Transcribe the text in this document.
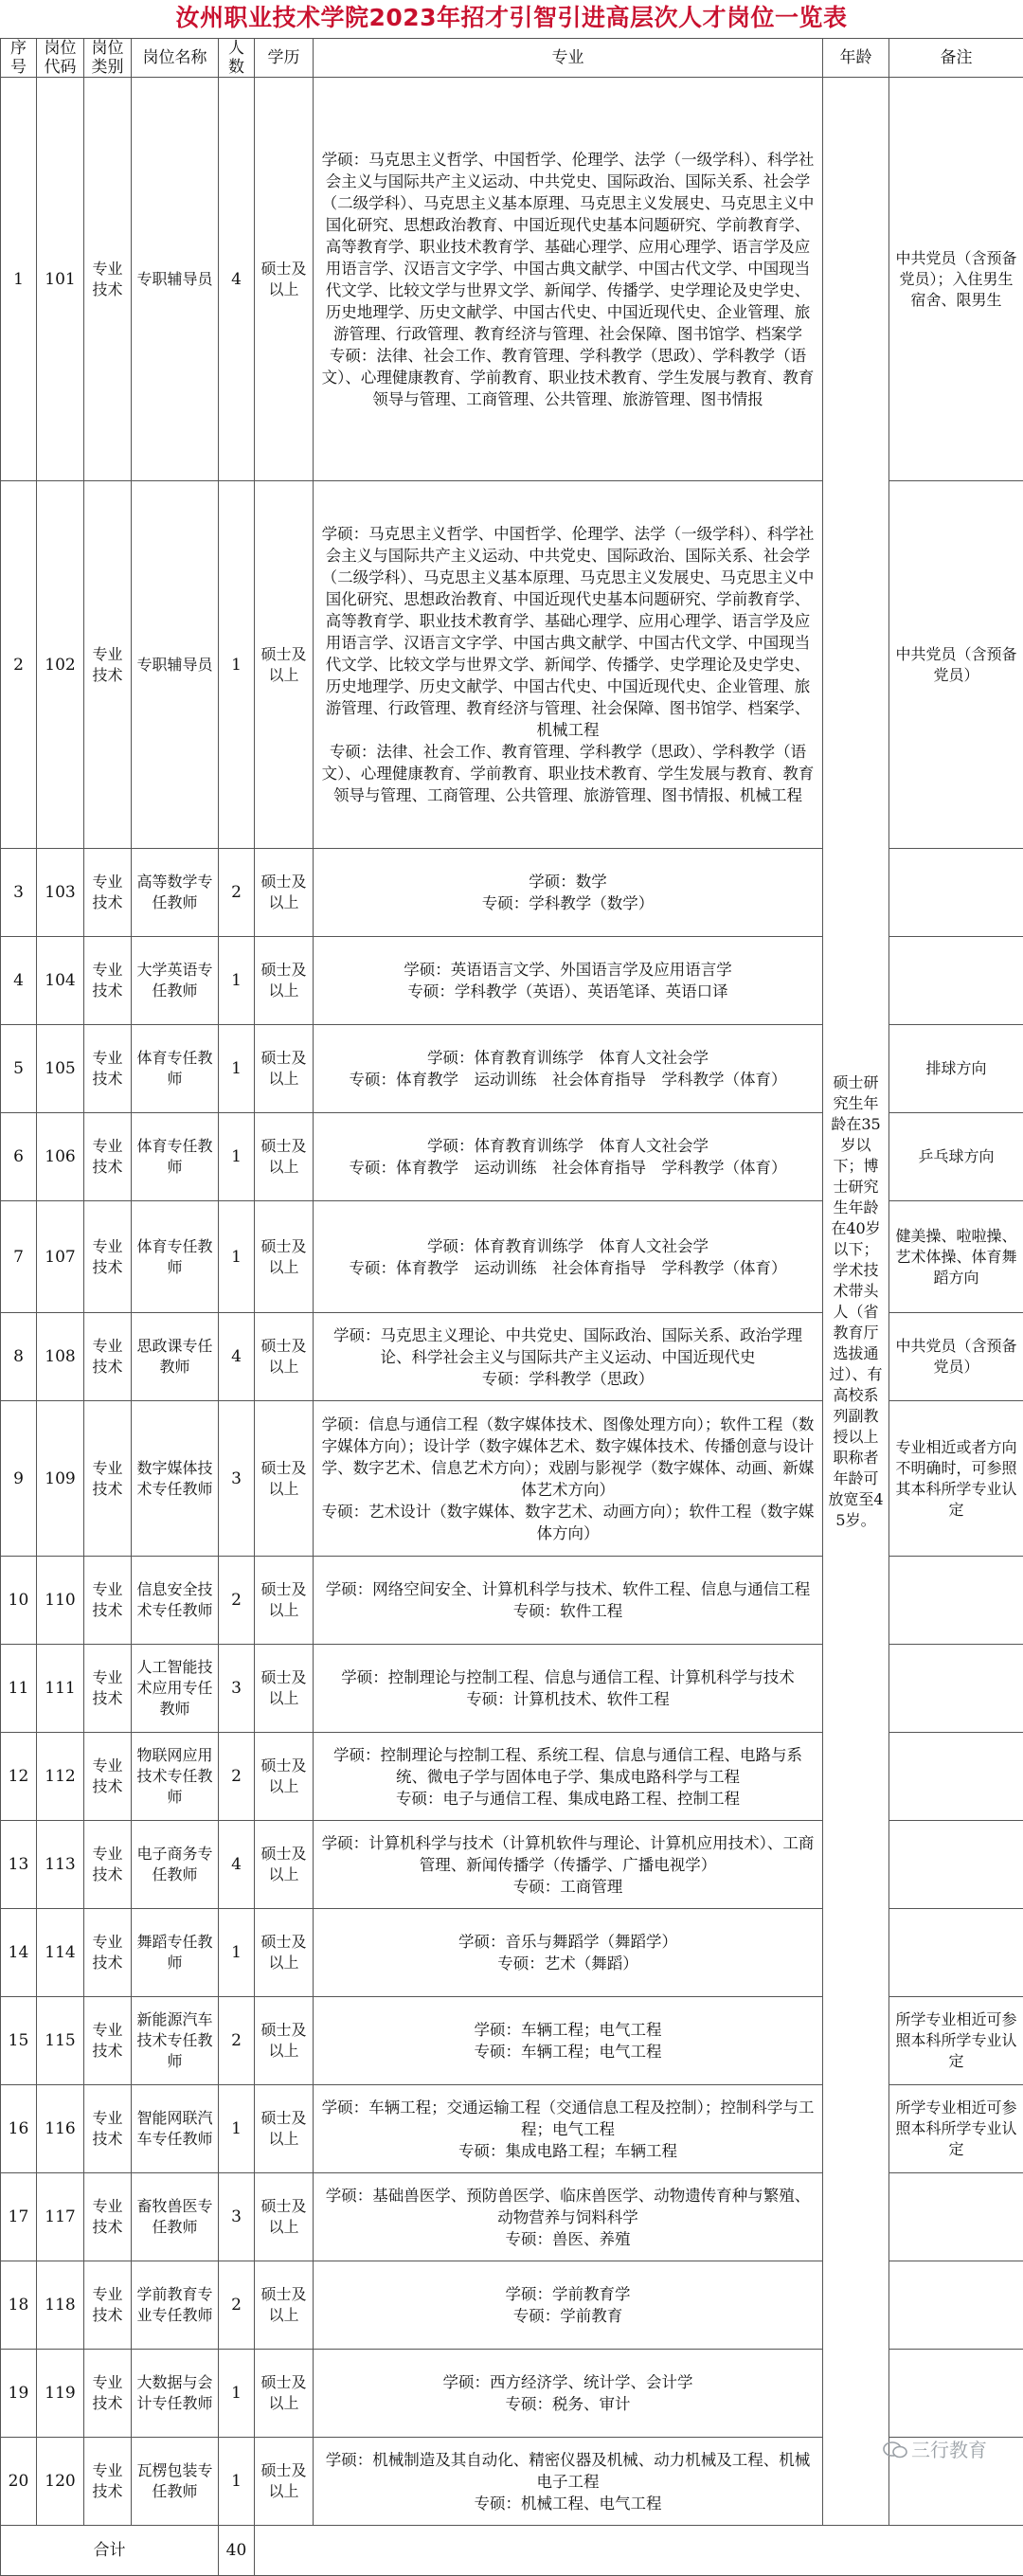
汝州职业技术学院2023年招才引智引进高层次人才岗位一览表
序号	岗位代码	岗位类别	岗位名称	人数	学历	专业	年龄	备注
1	101	专业技术	专职辅导员	4	硕士及以上	学硕：马克思主义哲学、中国哲学、伦理学、法学（一级学科）、科学社会主义与国际共产主义运动、中共党史、国际政治、国际关系、社会学（二级学科）、马克思主义基本原理、马克思主义发展史、马克思主义中国化研究、思想政治教育、中国近现代史基本问题研究、学前教育学、高等教育学、职业技术教育学、基础心理学、应用心理学、语言学及应用语言学、汉语言文字学、中国古典文献学、中国古代文学、中国现当代文学、比较文学与世界文学、新闻学、传播学、史学理论及史学史、历史地理学、历史文献学、中国古代史、中国近现代史、企业管理、旅游管理、行政管理、教育经济与管理、社会保障、图书馆学、档案学
专硕：法律、社会工作、教育管理、学科教学（思政）、学科教学（语文）、心理健康教育、学前教育、职业技术教育、学生发展与教育、教育领导与管理、工商管理、公共管理、旅游管理、图书情报	硕士研究生年龄在35岁以下；博士研究生年龄在40岁以下；学术技术带头人（省教育厅选拔通过）、有高校系列副教授以上职称者年龄可放宽至45岁。	中共党员（含预备党员）；入住男生宿舍、限男生
2	102	专业技术	专职辅导员	1	硕士及以上	学硕：马克思主义哲学、中国哲学、伦理学、法学（一级学科）、科学社会主义与国际共产主义运动、中共党史、国际政治、国际关系、社会学（二级学科）、马克思主义基本原理、马克思主义发展史、马克思主义中国化研究、思想政治教育、中国近现代史基本问题研究、学前教育学、高等教育学、职业技术教育学、基础心理学、应用心理学、语言学及应用语言学、汉语言文字学、中国古典文献学、中国古代文学、中国现当代文学、比较文学与世界文学、新闻学、传播学、史学理论及史学史、历史地理学、历史文献学、中国古代史、中国近现代史、企业管理、旅游管理、行政管理、教育经济与管理、社会保障、图书馆学、档案学、机械工程
专硕：法律、社会工作、教育管理、学科教学（思政）、学科教学（语文）、心理健康教育、学前教育、职业技术教育、学生发展与教育、教育领导与管理、工商管理、公共管理、旅游管理、图书情报、机械工程		中共党员（含预备党员）
3	103	专业技术	高等数学专任教师	2	硕士及以上	学硕：数学
专硕：学科教学（数学）		
4	104	专业技术	大学英语专任教师	1	硕士及以上	学硕：英语语言文学、外国语言学及应用语言学
专硕：学科教学（英语）、英语笔译、英语口译		
5	105	专业技术	体育专任教师	1	硕士及以上	学硕：体育教育训练学　体育人文社会学
专硕：体育教学　运动训练　社会体育指导　学科教学（体育）		排球方向
6	106	专业技术	体育专任教师	1	硕士及以上	学硕：体育教育训练学　体育人文社会学
专硕：体育教学　运动训练　社会体育指导　学科教学（体育）		乒乓球方向
7	107	专业技术	体育专任教师	1	硕士及以上	学硕：体育教育训练学　体育人文社会学
专硕：体育教学　运动训练　社会体育指导　学科教学（体育）		健美操、啦啦操、艺术体操、体育舞蹈方向
8	108	专业技术	思政课专任教师	4	硕士及以上	学硕：马克思主义理论、中共党史、国际政治、国际关系、政治学理论、科学社会主义与国际共产主义运动、中国近现代史
专硕：学科教学（思政）		中共党员（含预备党员）
9	109	专业技术	数字媒体技术专任教师	3	硕士及以上	学硕：信息与通信工程（数字媒体技术、图像处理方向）；软件工程（数字媒体方向）；设计学（数字媒体艺术、数字媒体技术、传播创意与设计学、数字艺术、信息艺术方向）；戏剧与影视学（数字媒体、动画、新媒体艺术方向）
专硕：艺术设计（数字媒体、数字艺术、动画方向）；软件工程（数字媒体方向）		专业相近或者方向不明确时，可参照其本科所学专业认定
10	110	专业技术	信息安全技术专任教师	2	硕士及以上	学硕：网络空间安全、计算机科学与技术、软件工程、信息与通信工程
专硕：软件工程		
11	111	专业技术	人工智能技术应用专任教师	3	硕士及以上	学硕：控制理论与控制工程、信息与通信工程、计算机科学与技术
专硕：计算机技术、软件工程		
12	112	专业技术	物联网应用技术专任教师	2	硕士及以上	学硕：控制理论与控制工程、系统工程、信息与通信工程、电路与系统、微电子学与固体电子学、集成电路科学与工程
专硕：电子与通信工程、集成电路工程、控制工程		
13	113	专业技术	电子商务专任教师	4	硕士及以上	学硕：计算机科学与技术（计算机软件与理论、计算机应用技术）、工商管理、新闻传播学（传播学、广播电视学）
专硕：工商管理		
14	114	专业技术	舞蹈专任教师	1	硕士及以上	学硕：音乐与舞蹈学（舞蹈学）
专硕：艺术（舞蹈）		
15	115	专业技术	新能源汽车技术专任教师	2	硕士及以上	学硕：车辆工程；电气工程
专硕：车辆工程；电气工程		所学专业相近可参照本科所学专业认定
16	116	专业技术	智能网联汽车专任教师	1	硕士及以上	学硕：车辆工程；交通运输工程（交通信息工程及控制）；控制科学与工程；电气工程
专硕：集成电路工程；车辆工程		所学专业相近可参照本科所学专业认定
17	117	专业技术	畜牧兽医专任教师	3	硕士及以上	学硕：基础兽医学、预防兽医学、临床兽医学、动物遗传育种与繁殖、动物营养与饲料科学
专硕：兽医、养殖		
18	118	专业技术	学前教育专业专任教师	2	硕士及以上	学硕：学前教育学
专硕：学前教育		
19	119	专业技术	大数据与会计专任教师	1	硕士及以上	学硕：西方经济学、统计学、会计学
专硕：税务、审计		
20	120	专业技术	瓦楞包装专任教师	1	硕士及以上	学硕：机械制造及其自动化、精密仪器及机械、动力机械及工程、机械电子工程
专硕：机械工程、电气工程		
合计				40				
三行教育
